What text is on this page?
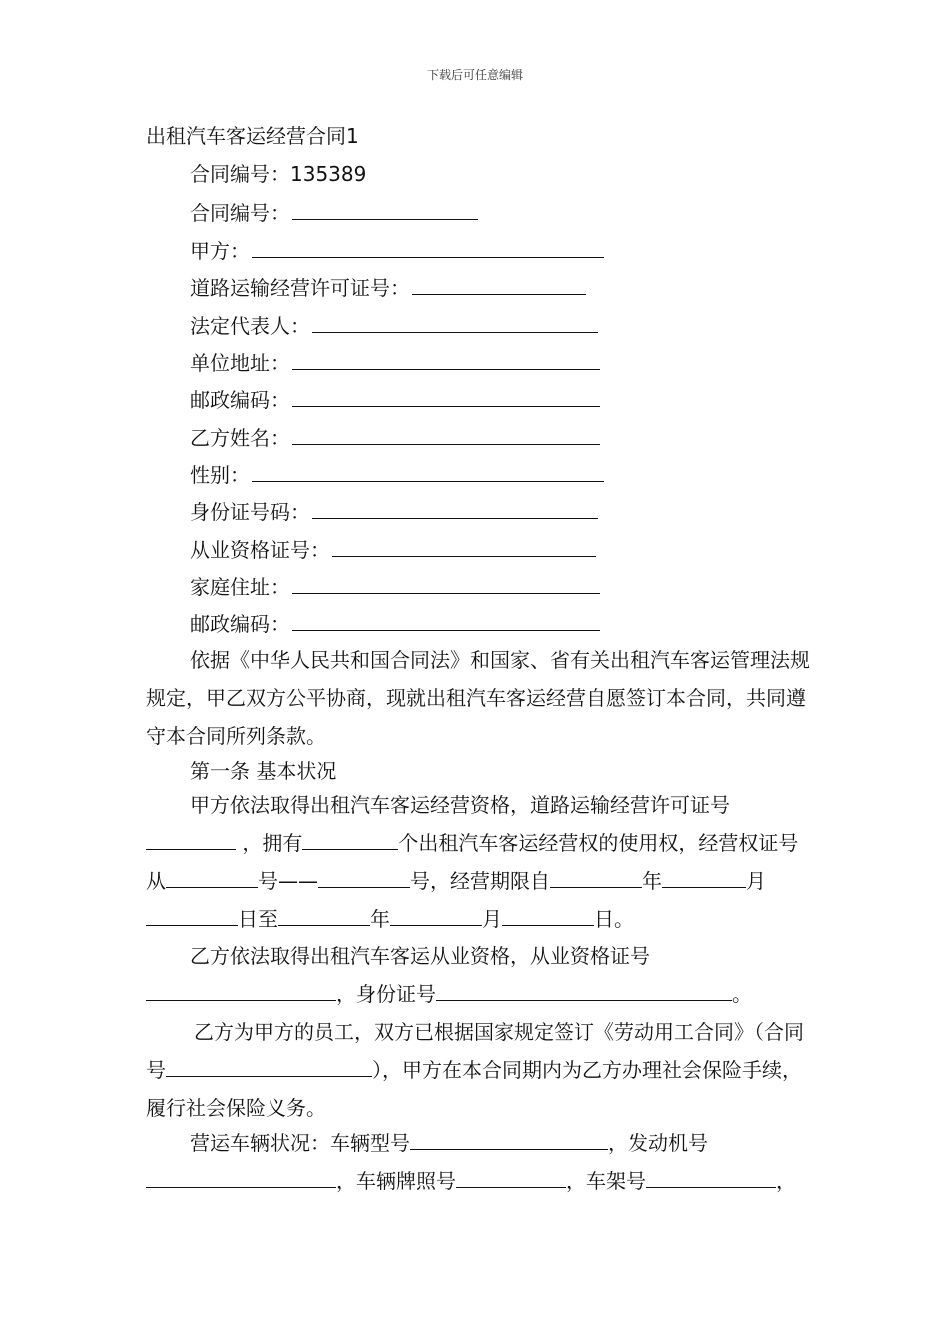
下载后可任意编辑
出租汽车客运经营合同1
合同编号：135389
合同编号：
甲方：
道路运输经营许可证号：
法定代表人：
单位地址：
邮政编码：
乙方姓名：
性别：
身份证号码：
从业资格证号：
家庭住址：
邮政编码：
依据《中华人民共和国合同法》和国家、省有关出租汽车客运管理法规规定，甲乙双方公平协商，现就出租汽车客运经营自愿签订本合同，共同遵守本合同所列条款。
第一条 基本状况
甲方依法取得出租汽车客运经营资格，道路运输经营许可证号 ，拥有	个出租汽车客运经营权的使用权，经营权证号从	号——	号，经营期限自	年	月日至	年	月	日。
乙方依法取得出租汽车客运从业资格，从业资格证号，身份证号	。
乙方为甲方的员工，双方已根据国家规定签订《劳动用工合同》（合同号	），甲方在本合同期内为乙方办理社会保险手续，履行社会保险义务。
营运车辆状况：车辆型号	，发动机号，车辆牌照号	，车架号	，
